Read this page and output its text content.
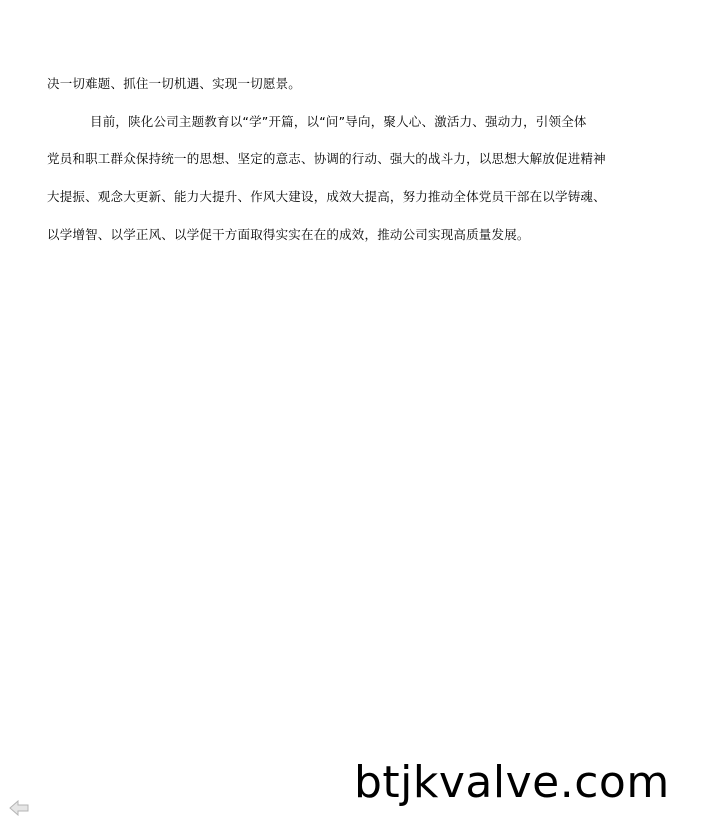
决一切难题、抓住一切机遇、实现一切愿景。
目前，陕化公司主题教育以“学”开篇，以“问”导向，聚人心、激活力、强动力，引领全体
党员和职工群众保持统一的思想、坚定的意志、协调的行动、强大的战斗力，以思想大解放促进精神
大提振、观念大更新、能力大提升、作风大建设，成效大提高，努力推动全体党员干部在以学铸魂、
以学增智、以学正风、以学促干方面取得实实在在的成效，推动公司实现高质量发展。
btjkvalve.com
